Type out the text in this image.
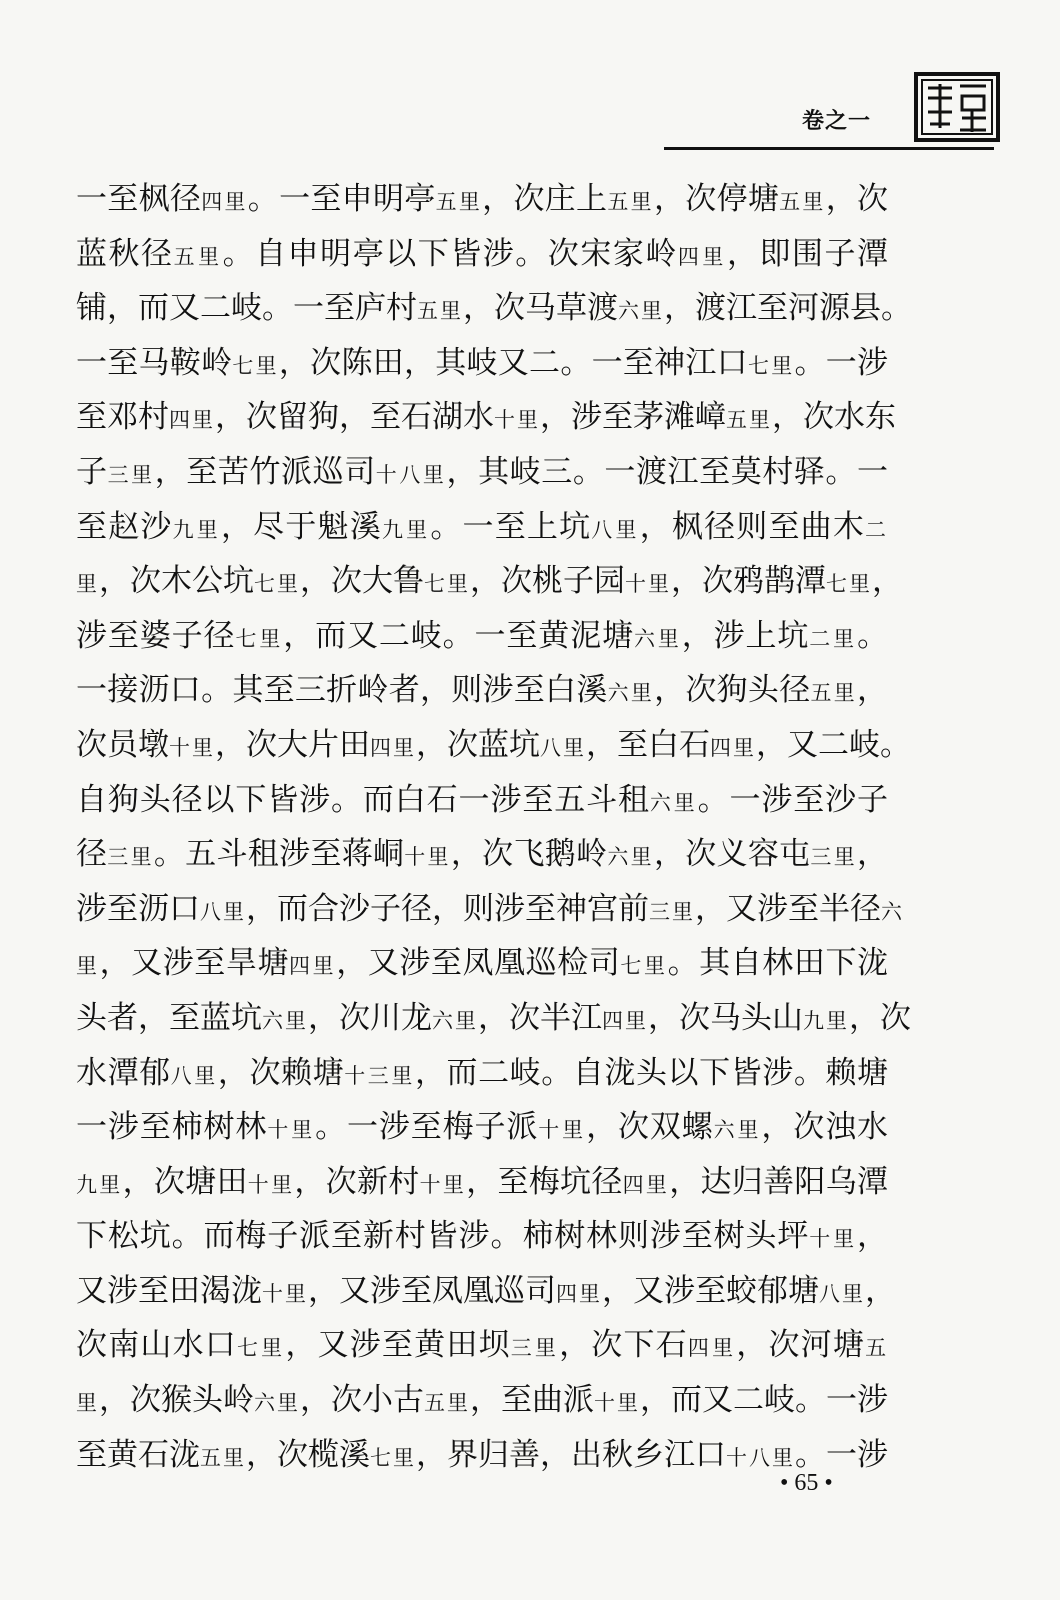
卷之一
一至枫径四里。一至申明亭五里，次庄上五里，次停塘五里，次
蓝秋径五里。自申明亭以下皆涉。次宋家岭四里，即围子潭
铺，而又二岐。一至庐村五里，次马草渡六里，渡江至河源县。
一至马鞍岭七里，次陈田，其岐又二。一至神江口七里。一涉
至邓村四里，次留狗，至石湖水十里，涉至茅滩嶂五里，次水东
子三里，至苦竹派巡司十八里，其岐三。一渡江至莫村驿。一
至赵沙九里，尽于魁溪九里。一至上坑八里，枫径则至曲木二
里，次木公坑七里，次大鲁七里，次桃子园十里，次鸦鹊潭七里，
涉至婆子径七里，而又二岐。一至黄泥塘六里，涉上坑二里。
一接沥口。其至三折岭者，则涉至白溪六里，次狗头径五里，
次员墩十里，次大片田四里，次蓝坑八里，至白石四里，又二岐。
自狗头径以下皆涉。而白石一涉至五斗租六里。一涉至沙子
径三里。五斗租涉至蒋峒十里，次飞鹅岭六里，次义容屯三里，
涉至沥口八里，而合沙子径，则涉至神宫前三里，又涉至半径六
里，又涉至旱塘四里，又涉至凤凰巡检司七里。其自林田下泷
头者，至蓝坑六里，次川龙六里，次半江四里，次马头山九里，次
水潭郁八里，次赖塘十三里，而二岐。自泷头以下皆涉。赖塘
一涉至柿树林十里。一涉至梅子派十里，次双螺六里，次浊水
九里，次塘田十里，次新村十里，至梅坑径四里，达归善阳乌潭
下松坑。而梅子派至新村皆涉。柿树林则涉至树头坪十里，
又涉至田渴泷十里，又涉至凤凰巡司四里，又涉至蛟郁塘八里，
次南山水口七里，又涉至黄田坝三里，次下石四里，次河塘五
里，次猴头岭六里，次小古五里，至曲派十里，而又二岐。一涉
至黄石泷五里，次榄溪七里，界归善，出秋乡江口十八里。一涉
• 65 •
